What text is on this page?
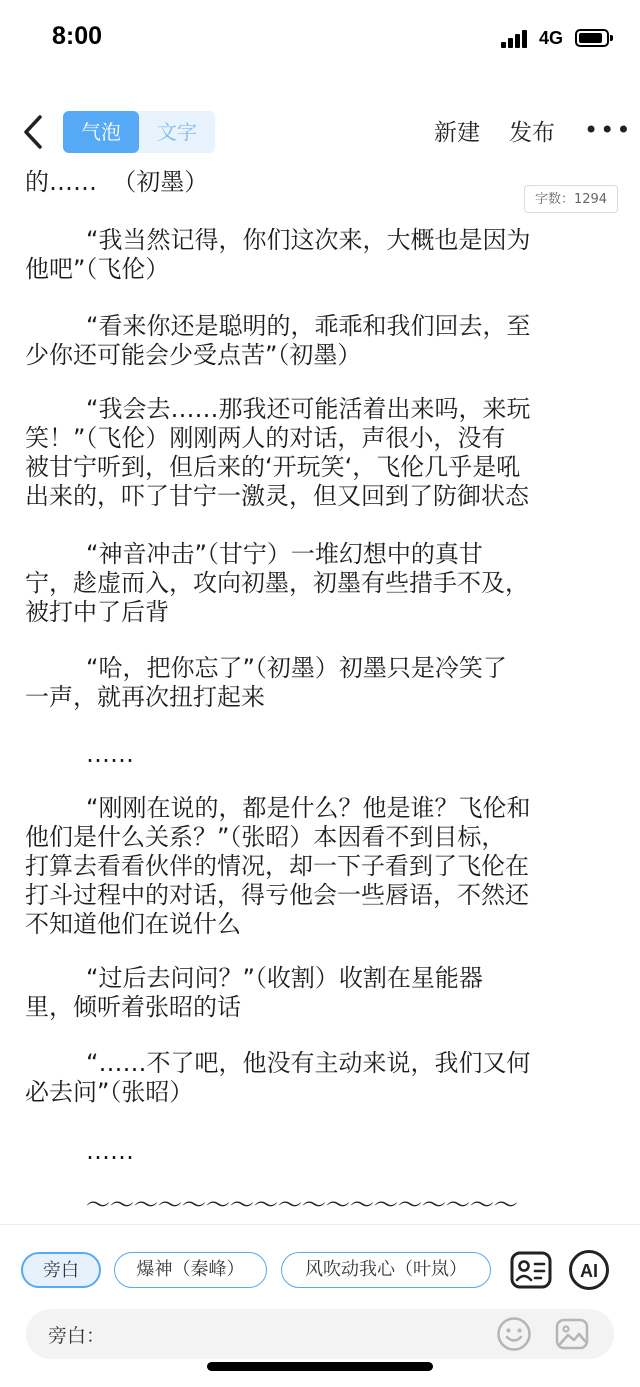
8:00	4G
气泡	文字	新建 发布 •••
的……  （初墨）
“我当然记得，你们这次来，大概也是因为
他吧”（飞伦）
“看来你还是聪明的，乖乖和我们回去，至
少你还可能会少受点苦”（初墨）
“我会去……那我还可能活着出来吗，来玩
笑！”（飞伦）刚刚两人的对话，声很小，没有
被甘宁听到，但后来的‘开玩笑‘，飞伦几乎是吼
出来的，吓了甘宁一激灵，但又回到了防御状态
“神音冲击”（甘宁）一堆幻想中的真甘
宁，趁虚而入，攻向初墨，初墨有些措手不及，
被打中了后背
“哈，把你忘了”（初墨）初墨只是冷笑了
一声，就再次扭打起来
……
“刚刚在说的，都是什么？他是谁？飞伦和
他们是什么关系？”（张昭）本因看不到目标，
打算去看看伙伴的情况，却一下子看到了飞伦在
打斗过程中的对话，得亏他会一些唇语，不然还
不知道他们在说什么
“过后去问问？”（收割）收割在星能器
里，倾听着张昭的话
“……不了吧，他没有主动来说，我们又何
必去问”（张昭）
……
～～～～～～～～～～～～～～～～～～
字数：1294
旁白	爆神（秦峰）	风吹动我心（叶岚）	AI
旁白：
